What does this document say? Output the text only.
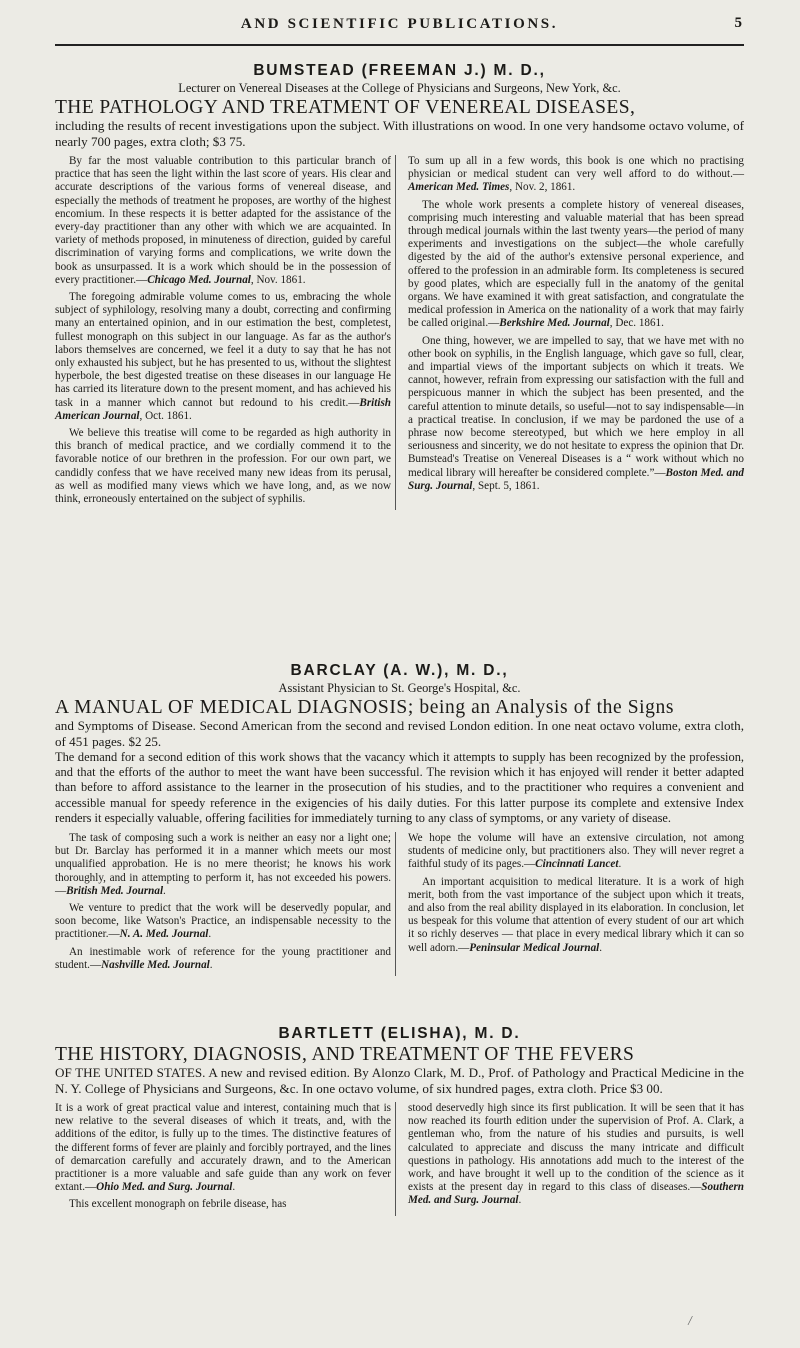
AND SCIENTIFIC PUBLICATIONS.	5
BUMSTEAD (FREEMAN J.) M. D.,
Lecturer on Venereal Diseases at the College of Physicians and Surgeons, New York, &c.
THE PATHOLOGY AND TREATMENT OF VENEREAL DISEASES,
including the results of recent investigations upon the subject. With illustrations on wood. In one very handsome octavo volume, of nearly 700 pages, extra cloth; $3 75.

By far the most valuable contribution to this particular branch of practice that has seen the light within the last score of years. His clear and accurate descriptions of the various forms of venereal disease, and especially the methods of treatment he proposes, are worthy of the highest encomium. In these respects it is better adapted for the assistance of the every-day practitioner than any other with which we are acquainted. In variety of methods proposed, in minuteness of direction, guided by careful discrimination of varying forms and complications, we write down the book as unsurpassed. It is a work which should be in the possession of every practitioner.—Chicago Med. Journal, Nov. 1861.

The foregoing admirable volume comes to us, embracing the whole subject of syphilology, resolving many a doubt, correcting and confirming many an entertained opinion, and in our estimation the best, completest, fullest monograph on this subject in our language. As far as the author's labors themselves are concerned, we feel it a duty to say that he has not only exhausted his subject, but he has presented to us, without the slightest hyperbole, the best digested treatise on these diseases in our language He has carried its literature down to the present moment, and has achieved his task in a manner which cannot but redound to his credit.—British American Journal, Oct. 1861.

We believe this treatise will come to be regarded as high authority in this branch of medical practice, and we cordially commend it to the favorable notice of our brethren in the profession. For our own part, we candidly confess that we have received many new ideas from its perusal, as well as modified many views which we have long, and, as we now think, erroneously entertained on the subject of syphilis.

To sum up all in a few words, this book is one which no practising physician or medical student can very well afford to do without.—American Med. Times, Nov. 2, 1861.

The whole work presents a complete history of venereal diseases, comprising much interesting and valuable material that has been spread through medical journals within the last twenty years—the period of many experiments and investigations on the subject—the whole carefully digested by the aid of the author's extensive personal experience, and offered to the profession in an admirable form. Its completeness is secured by good plates, which are especially full in the anatomy of the genital organs. We have examined it with great satisfaction, and congratulate the medical profession in America on the nationality of a work that may fairly be called original.—Berkshire Med. Journal, Dec. 1861.

One thing, however, we are impelled to say, that we have met with no other book on syphilis, in the English language, which gave so full, clear, and impartial views of the important subjects on which it treats. We cannot, however, refrain from expressing our satisfaction with the full and perspicuous manner in which the subject has been presented, and the careful attention to minute details, so useful—not to say indispensable—in a practical treatise. In conclusion, if we may be pardoned the use of a phrase now become stereotyped, but which we here employ in all seriousness and sincerity, we do not hesitate to express the opinion that Dr. Bumstead's Treatise on Venereal Diseases is a “ work without which no medical library will hereafter be considered complete.”—Boston Med. and Surg. Journal, Sept. 5, 1861.

BARCLAY (A. W.), M. D.,
Assistant Physician to St. George's Hospital, &c.
A MANUAL OF MEDICAL DIAGNOSIS; being an Analysis of the Signs
and Symptoms of Disease. Second American from the second and revised London edition. In one neat octavo volume, extra cloth, of 451 pages. $2 25.
The demand for a second edition of this work shows that the vacancy which it attempts to supply has been recognized by the profession, and that the efforts of the author to meet the want have been successful. The revision which it has enjoyed will render it better adapted than before to afford assistance to the learner in the prosecution of his studies, and to the practitioner who requires a convenient and accessible manual for speedy reference in the exigencies of his daily duties. For this latter purpose its complete and extensive Index renders it especially valuable, offering facilities for immediately turning to any class of symptoms, or any variety of disease.

The task of composing such a work is neither an easy nor a light one; but Dr. Barclay has performed it in a manner which meets our most unqualified approbation. He is no mere theorist; he knows his work thoroughly, and in attempting to perform it, has not exceeded his powers.—British Med. Journal.

We venture to predict that the work will be deservedly popular, and soon become, like Watson's Practice, an indispensable necessity to the practitioner.—N. A. Med. Journal.

An inestimable work of reference for the young practitioner and student.—Nashville Med. Journal.

We hope the volume will have an extensive circulation, not among students of medicine only, but practitioners also. They will never regret a faithful study of its pages.—Cincinnati Lancet.

An important acquisition to medical literature. It is a work of high merit, both from the vast importance of the subject upon which it treats, and also from the real ability displayed in its elaboration. In conclusion, let us bespeak for this volume that attention of every student of our art which it so richly deserves — that place in every medical library which it can so well adorn.—Peninsular Medical Journal.

BARTLETT (ELISHA), M. D.
THE HISTORY, DIAGNOSIS, AND TREATMENT OF THE FEVERS
OF THE UNITED STATES. A new and revised edition. By Alonzo Clark, M. D., Prof. of Pathology and Practical Medicine in the N. Y. College of Physicians and Surgeons, &c. In one octavo volume, of six hundred pages, extra cloth. Price $3 00.

It is a work of great practical value and interest, containing much that is new relative to the several diseases of which it treats, and, with the additions of the editor, is fully up to the times. The distinctive features of the different forms of fever are plainly and forcibly portrayed, and the lines of demarcation carefully and accurately drawn, and to the American practitioner is a more valuable and safe guide than any work on fever extant.—Ohio Med. and Surg. Journal.

This excellent monograph on febrile disease, has

stood deservedly high since its first publication. It will be seen that it has now reached its fourth edition under the supervision of Prof. A. Clark, a gentleman who, from the nature of his studies and pursuits, is well calculated to appreciate and discuss the many intricate and difficult questions in pathology. His annotations add much to the interest of the work, and have brought it well up to the condition of the science as it exists at the present day in regard to this class of diseases.—Southern Med. and Surg. Journal.

/
